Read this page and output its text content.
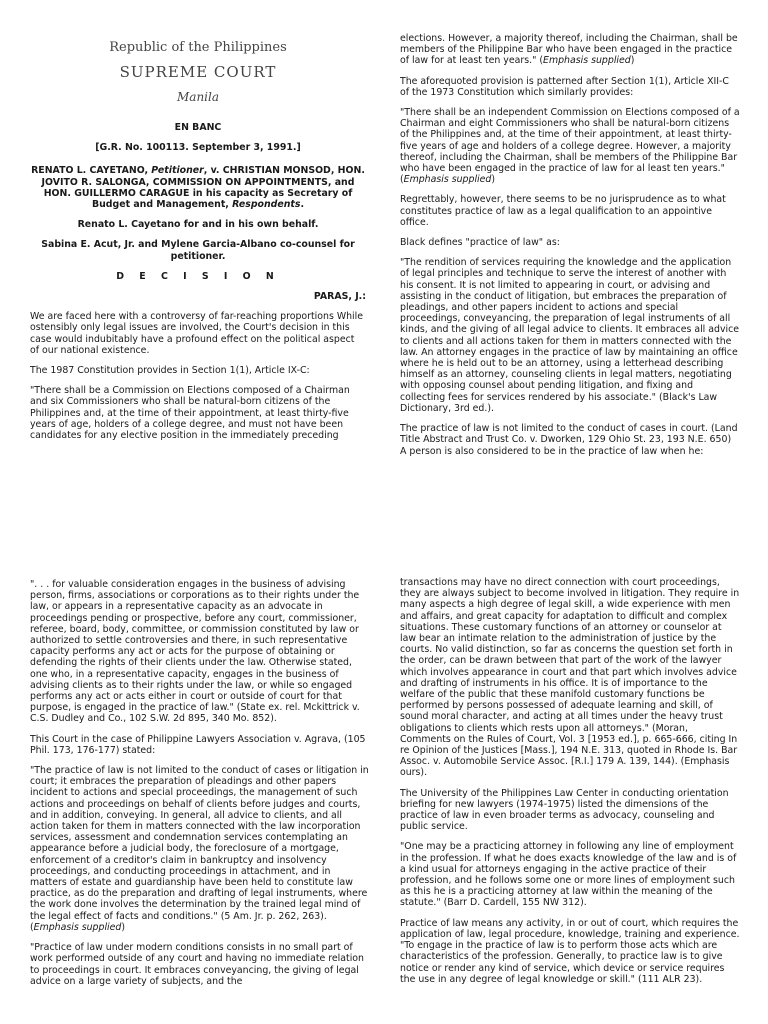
Republic of the Philippines

SUPREME COURT

Manila

EN BANC

[G.R. No. 100113. September 3, 1991.]

RENATO L. CAYETANO, Petitioner, v. CHRISTIAN MONSOD, HON. JOVITO R. SALONGA, COMMISSION ON APPOINTMENTS, and HON. GUILLERMO CARAGUE in his capacity as Secretary of Budget and Management, Respondents.

Renato L. Cayetano for and in his own behalf.

Sabina E. Acut, Jr. and Mylene Garcia-Albano co-counsel for petitioner.

D E C I S I O N

PARAS, J.:

We are faced here with a controversy of far-reaching proportions While ostensibly only legal issues are involved, the Court's decision in this case would indubitably have a profound effect on the political aspect of our national existence.

The 1987 Constitution provides in Section 1(1), Article IX-C:

"There shall be a Commission on Elections composed of a Chairman and six Commissioners who shall be natural-born citizens of the Philippines and, at the time of their appointment, at least thirty-five years of age, holders of a college degree, and must not have been candidates for any elective position in the immediately preceding

elections. However, a majority thereof, including the Chairman, shall be members of the Philippine Bar who have been engaged in the practice of law for at least ten years." (Emphasis supplied)

The aforequoted provision is patterned after Section 1(1), Article XII-C of the 1973 Constitution which similarly provides:

"There shall be an independent Commission on Elections composed of a Chairman and eight Commissioners who shall be natural-born citizens of the Philippines and, at the time of their appointment, at least thirty-five years of age and holders of a college degree. However, a majority thereof, including the Chairman, shall be members of the Philippine Bar who have been engaged in the practice of law for al least ten years." (Emphasis supplied)

Regrettably, however, there seems to be no jurisprudence as to what constitutes practice of law as a legal qualification to an appointive office.

Black defines "practice of law" as:

"The rendition of services requiring the knowledge and the application of legal principles and technique to serve the interest of another with his consent. It is not limited to appearing in court, or advising and assisting in the conduct of litigation, but embraces the preparation of pleadings, and other papers incident to actions and special proceedings, conveyancing, the preparation of legal instruments of all kinds, and the giving of all legal advice to clients. It embraces all advice to clients and all actions taken for them in matters connected with the law. An attorney engages in the practice of law by maintaining an office where he is held out to be an attorney, using a letterhead describing himself as an attorney, counseling clients in legal matters, negotiating with opposing counsel about pending litigation, and fixing and collecting fees for services rendered by his associate." (Black's Law Dictionary, 3rd ed.).

The practice of law is not limited to the conduct of cases in court. (Land Title Abstract and Trust Co. v. Dworken, 129 Ohio St. 23, 193 N.E. 650) A person is also considered to be in the practice of law when he:

". . . for valuable consideration engages in the business of advising person, firms, associations or corporations as to their rights under the law, or appears in a representative capacity as an advocate in proceedings pending or prospective, before any court, commissioner, referee, board, body, committee, or commission constituted by law or authorized to settle controversies and there, in such representative capacity performs any act or acts for the purpose of obtaining or defending the rights of their clients under the law. Otherwise stated, one who, in a representative capacity, engages in the business of advising clients as to their rights under the law, or while so engaged performs any act or acts either in court or outside of court for that purpose, is engaged in the practice of law." (State ex. rel. Mckittrick v. C.S. Dudley and Co., 102 S.W. 2d 895, 340 Mo. 852).

This Court in the case of Philippine Lawyers Association v. Agrava, (105 Phil. 173, 176-177) stated:

"The practice of law is not limited to the conduct of cases or litigation in court; it embraces the preparation of pleadings and other papers incident to actions and special proceedings, the management of such actions and proceedings on behalf of clients before judges and courts, and in addition, conveying. In general, all advice to clients, and all action taken for them in matters connected with the law incorporation services, assessment and condemnation services contemplating an appearance before a judicial body, the foreclosure of a mortgage, enforcement of a creditor's claim in bankruptcy and insolvency proceedings, and conducting proceedings in attachment, and in matters of estate and guardianship have been held to constitute law practice, as do the preparation and drafting of legal instruments, where the work done involves the determination by the trained legal mind of the legal effect of facts and conditions." (5 Am. Jr. p. 262, 263). (Emphasis supplied)

"Practice of law under modern conditions consists in no small part of work performed outside of any court and having no immediate relation to proceedings in court. It embraces conveyancing, the giving of legal advice on a large variety of subjects, and the

transactions may have no direct connection with court proceedings, they are always subject to become involved in litigation. They require in many aspects a high degree of legal skill, a wide experience with men and affairs, and great capacity for adaptation to difficult and complex situations. These customary functions of an attorney or counselor at law bear an intimate relation to the administration of justice by the courts. No valid distinction, so far as concerns the question set forth in the order, can be drawn between that part of the work of the lawyer which involves appearance in court and that part which involves advice and drafting of instruments in his office. It is of importance to the welfare of the public that these manifold customary functions be performed by persons possessed of adequate learning and skill, of sound moral character, and acting at all times under the heavy trust obligations to clients which rests upon all attorneys." (Moran, Comments on the Rules of Court, Vol. 3 [1953 ed.], p. 665-666, citing In re Opinion of the Justices [Mass.], 194 N.E. 313, quoted in Rhode Is. Bar Assoc. v. Automobile Service Assoc. [R.I.] 179 A. 139, 144). (Emphasis ours).

The University of the Philippines Law Center in conducting orientation briefing for new lawyers (1974-1975) listed the dimensions of the practice of law in even broader terms as advocacy, counseling and public service.

"One may be a practicing attorney in following any line of employment in the profession. If what he does exacts knowledge of the law and is of a kind usual for attorneys engaging in the active practice of their profession, and he follows some one or more lines of employment such as this he is a practicing attorney at law within the meaning of the statute." (Barr D. Cardell, 155 NW 312).

Practice of law means any activity, in or out of court, which requires the application of law, legal procedure, knowledge, training and experience. "To engage in the practice of law is to perform those acts which are characteristics of the profession. Generally, to practice law is to give notice or render any kind of service, which device or service requires the use in any degree of legal knowledge or skill." (111 ALR 23).
